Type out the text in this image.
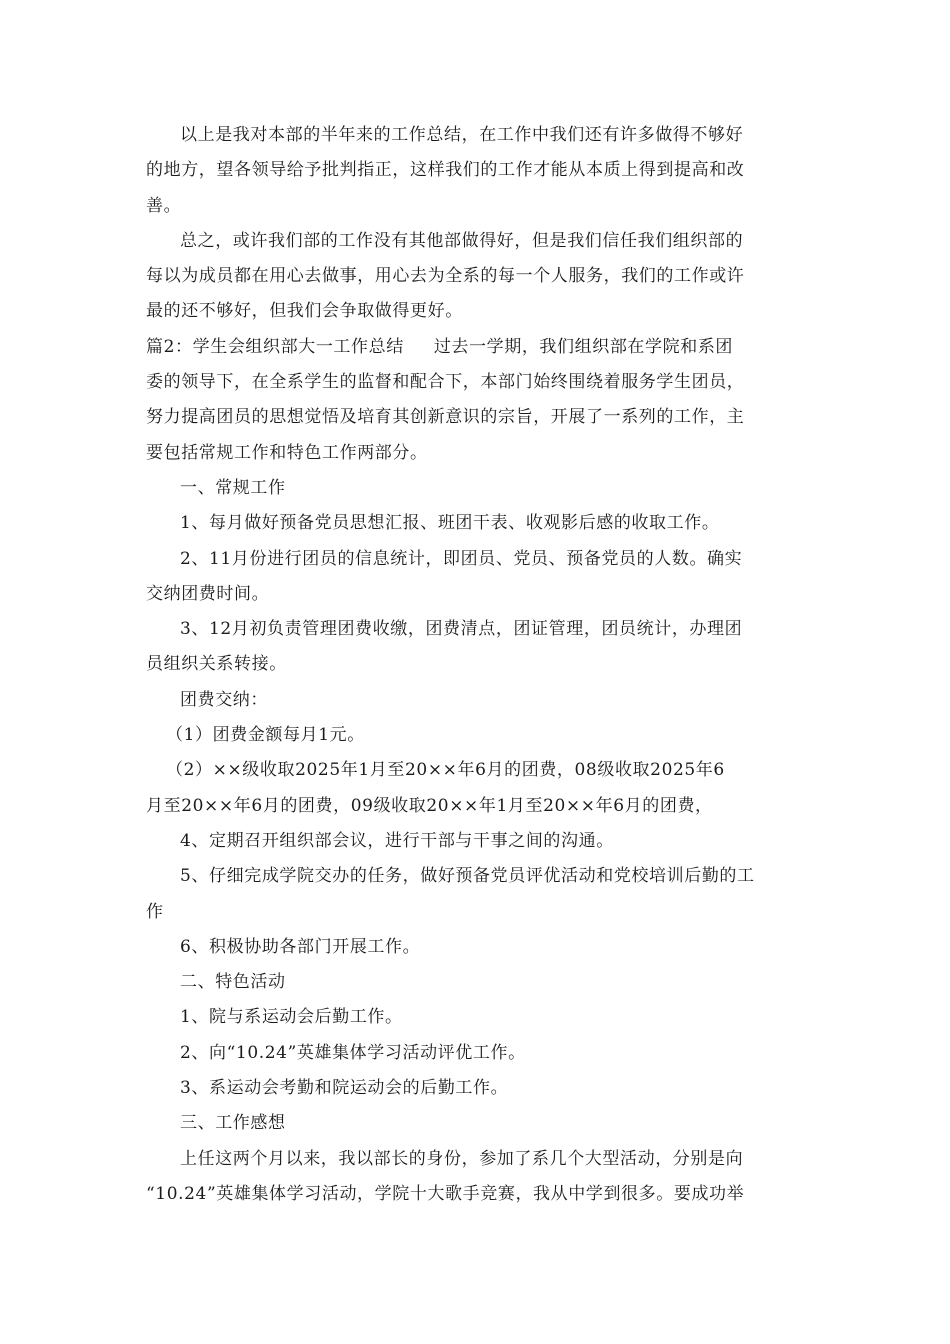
以上是我对本部的半年来的工作总结，在工作中我们还有许多做得不够好
的地方，望各领导给予批判指正，这样我们的工作才能从本质上得到提高和改
善。

总之，或许我们部的工作没有其他部做得好，但是我们信任我们组织部的
每以为成员都在用心去做事，用心去为全系的每一个人服务，我们的工作或许
最的还不够好，但我们会争取做得更好。

篇2：学生会组织部大一工作总结 过去一学期，我们组织部在学院和系团
委的领导下，在全系学生的监督和配合下，本部门始终围绕着服务学生团员，
努力提高团员的思想觉悟及培育其创新意识的宗旨，开展了一系列的工作，主
要包括常规工作和特色工作两部分。

一、常规工作

1、每月做好预备党员思想汇报、班团干表、收观影后感的收取工作。

2、11月份进行团员的信息统计，即团员、党员、预备党员的人数。确实
交纳团费时间。

3、12月初负责管理团费收缴，团费清点，团证管理，团员统计，办理团
员组织关系转接。

团费交纳：

（1）团费金额每月1元。

（2）××级收取2025年1月至20××年6月的团费，08级收取2025年6
月至20××年6月的团费，09级收取20××年1月至20××年6月的团费，

4、定期召开组织部会议，进行干部与干事之间的沟通。

5、仔细完成学院交办的任务，做好预备党员评优活动和党校培训后勤的工
作

6、积极协助各部门开展工作。

二、特色活动

1、院与系运动会后勤工作。

2、向“10.24”英雄集体学习活动评优工作。

3、系运动会考勤和院运动会的后勤工作。

三、工作感想

上任这两个月以来，我以部长的身份，参加了系几个大型活动，分别是向
“10.24”英雄集体学习活动，学院十大歌手竞赛，我从中学到很多。要成功举
